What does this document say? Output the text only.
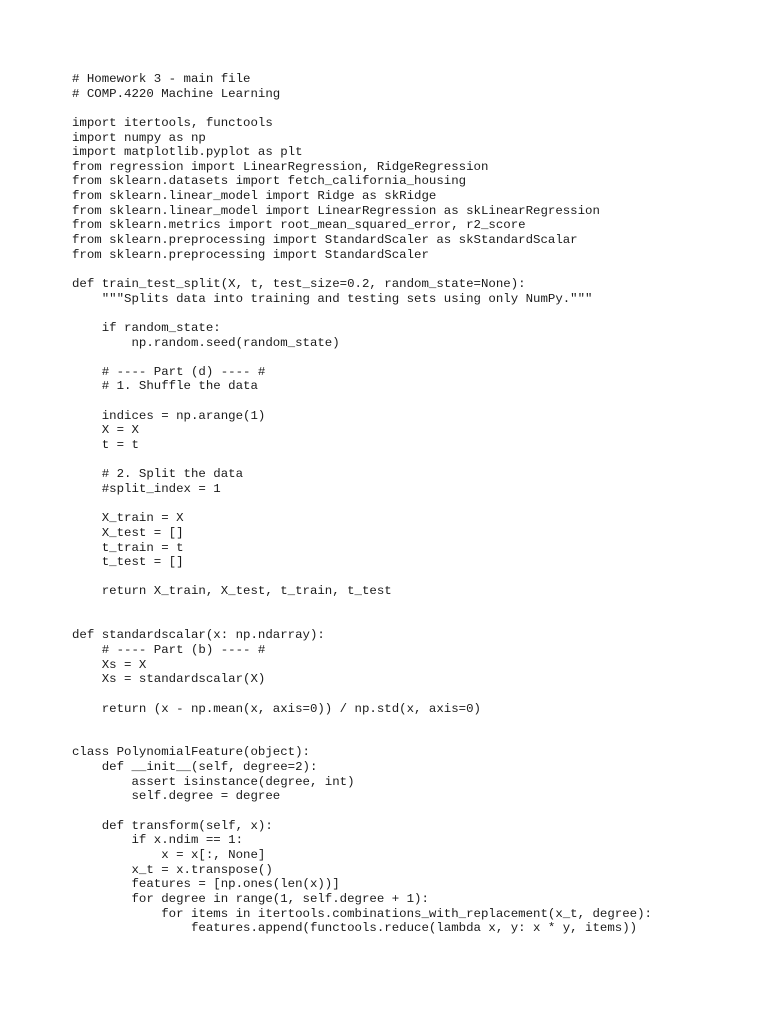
# Homework 3 - main file
# COMP.4220 Machine Learning
import itertools, functools
import numpy as np
import matplotlib.pyplot as plt
from regression import LinearRegression, RidgeRegression
from sklearn.datasets import fetch_california_housing
from sklearn.linear_model import Ridge as skRidge
from sklearn.linear_model import LinearRegression as skLinearRegression
from sklearn.metrics import root_mean_squared_error, r2_score
from sklearn.preprocessing import StandardScaler as skStandardScalar
from sklearn.preprocessing import StandardScaler
def train_test_split(X, t, test_size=0.2, random_state=None):
"""Splits data into training and testing sets using only NumPy."""
if random_state:
np.random.seed(random_state)
# ---- Part (d) ---- #
# 1. Shuffle the data
indices = np.arange(1)
X = X
t = t
# 2. Split the data
#split_index = 1
X_train = X
X_test = []
t_train = t
t_test = []
return X_train, X_test, t_train, t_test
def standardscalar(x: np.ndarray):
# ---- Part (b) ---- #
Xs = X
Xs = standardscalar(X)
return (x - np.mean(x, axis=0)) / np.std(x, axis=0)
class PolynomialFeature(object):
def __init__(self, degree=2):
assert isinstance(degree, int)
self.degree = degree
def transform(self, x):
if x.ndim == 1:
x = x[:, None]
x_t = x.transpose()
features = [np.ones(len(x))]
for degree in range(1, self.degree + 1):
for items in itertools.combinations_with_replacement(x_t, degree):
features.append(functools.reduce(lambda x, y: x * y, items))
